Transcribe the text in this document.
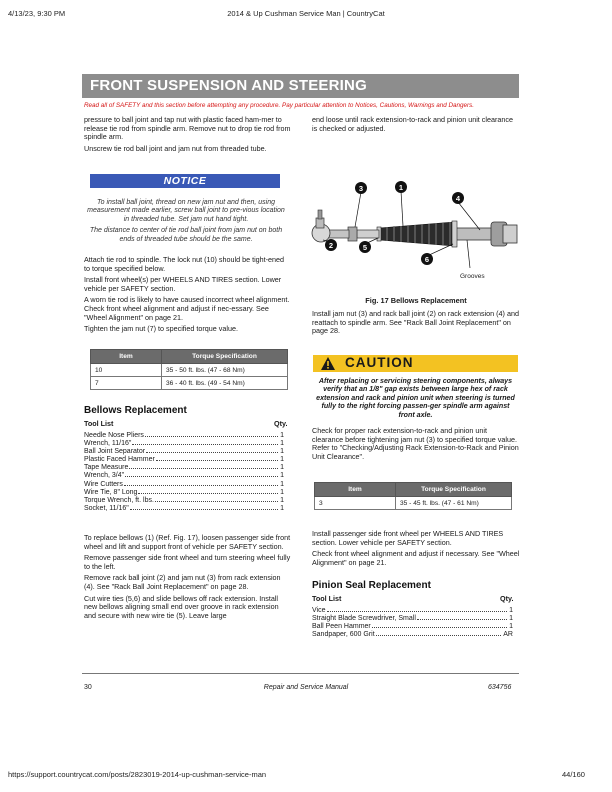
4/13/23, 9:30 PM	2014 & Up Cushman Service Man | CountryCat
FRONT SUSPENSION AND STEERING
Read all of SAFETY and this section before attempting any procedure. Pay particular attention to Notices, Cautions, Warnings and Dangers.

pressure to ball joint and tap nut with plastic faced ham-mer to release tie rod from spindle arm. Remove nut to drop tie rod from spindle arm.

Unscrew tie rod ball joint and jam nut from threaded tube.

NOTICE

To install ball joint, thread on new jam nut and then, using measurement made earlier, screw ball joint to pre-vious location in threaded tube. Set jam nut hand tight.

The distance to center of tie rod ball joint from jam nut on both ends of threaded tube should be the same.

Attach tie rod to spindle. The lock nut (10) should be tight-ened to torque specified below.

Install front wheel(s) per WHEELS AND TIRES section. Lower vehicle per SAFETY section.

A worn tie rod is likely to have caused incorrect wheel alignment. Check front wheel alignment and adjust if nec-essary. See "Wheel Alignment" on page 21.

Tighten the jam nut (7) to specified torque value.

Item	Torque Specification
10	35 - 50 ft. lbs. (47 - 68 Nm)
7	36 - 40 ft. lbs. (49 - 54 Nm)
Bellows Replacement
Tool List	Qty.
Needle Nose Pliers	1
Wrench, 11/16"	1
Ball Joint Separator	1
Plastic Faced Hammer	1
Tape Measure	1
Wrench, 3/4"	1
Wire Cutters	1
Wire Tie, 8" Long	1
Torque Wrench, ft. lbs.	1
Socket, 11/16"	1

To replace bellows (1) (Ref. Fig. 17), loosen passenger side front wheel and lift and support front of vehicle per SAFETY section.

Remove passenger side front wheel and turn steering wheel fully to the left.

Remove rack ball joint (2) and jam nut (3) from rack extension (4). See "Rack Ball Joint Replacement" on page 28.

Cut wire ties (5,6) and slide bellows off rack extension. Install new bellows aligning small end over groove in rack extension and secure with new wire tie (5). Leave large

end loose until rack extension-to-rack and pinion unit clearance is checked or adjusted.

3	1
4
2	5
6
Grooves
Fig. 17 Bellows Replacement

Install jam nut (3) and rack ball joint (2) on rack extension (4) and reattach to spindle arm. See "Rack Ball Joint Replacement" on page 28.

CAUTION
After replacing or servicing steering components, always verify that an 1/8" gap exists between large hex of rack extension and rack and pinion unit when steering is turned fully to the right forcing passen-ger spindle arm against front axle.

Check for proper rack extension-to-rack and pinion unit clearance before tightening jam nut (3) to specified torque value. Refer to "Checking/Adjusting Rack Extension-to-Rack and Pinion Unit Clearance".

Item	Torque Specification
3	35 - 45 ft. lbs. (47 - 61 Nm)

Install passenger side front wheel per WHEELS AND TIRES section. Lower vehicle per SAFETY section.

Check front wheel alignment and adjust if necessary. See "Wheel Alignment" on page 21.

Pinion Seal Replacement
Tool List	Qty.
Vice	1
Straight Blade Screwdriver, Small	1
Ball Peen Hammer	1
Sandpaper, 600 Grit	AR
30	Repair and Service Manual	634756
https://support.countrycat.com/posts/2823019-2014-up-cushman-service-man	44/160
